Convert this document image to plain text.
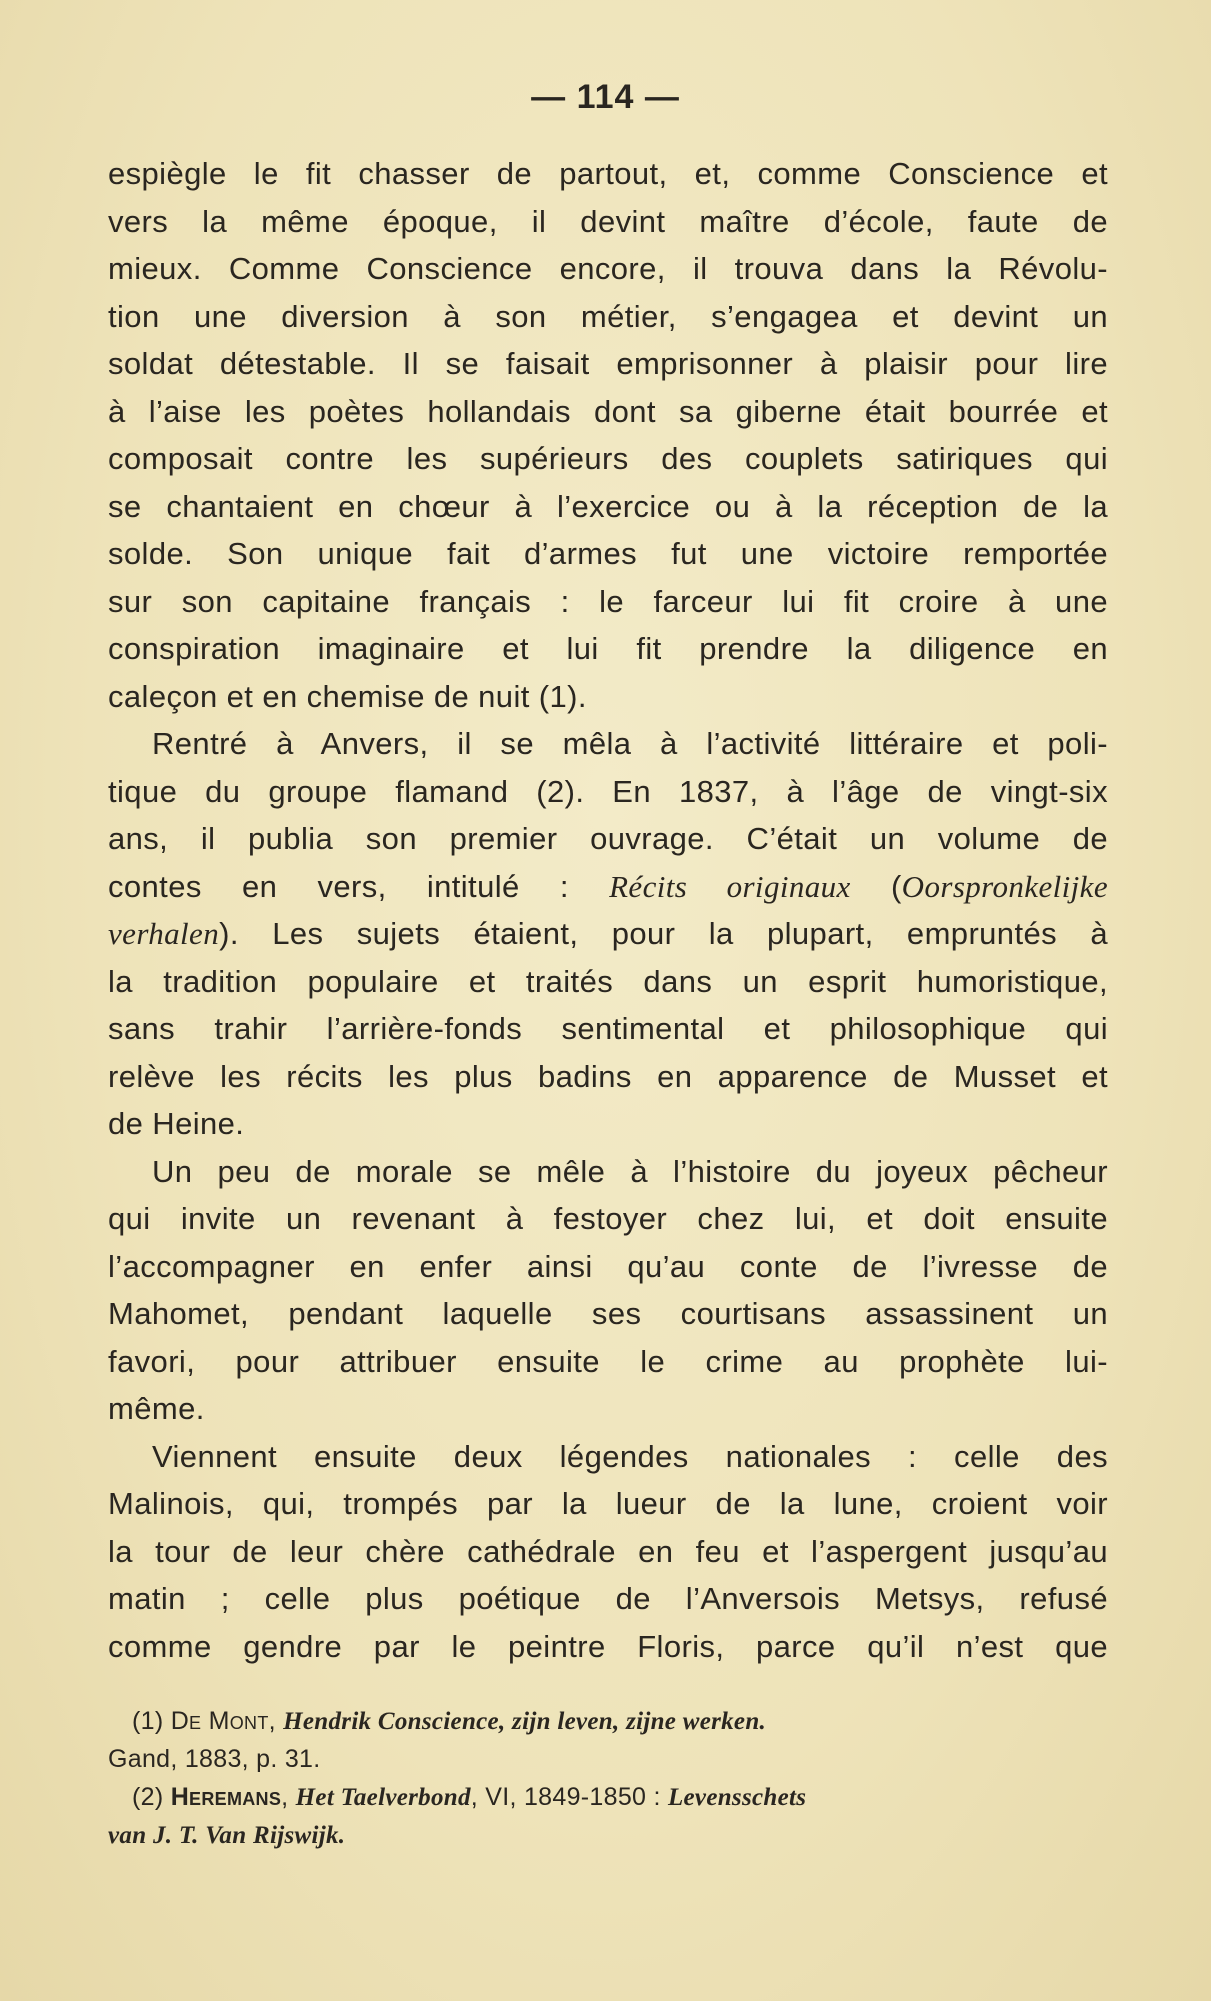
— 114 —
espiègle le fit chasser de partout, et, comme Conscience et
vers la même époque, il devint maître d’école, faute de
mieux. Comme Conscience encore, il trouva dans la Révolu-
tion une diversion à son métier, s’engagea et devint un
soldat détestable. Il se faisait emprisonner à plaisir pour lire
à l’aise les poètes hollandais dont sa giberne était bourrée et
composait contre les supérieurs des couplets satiriques qui
se chantaient en chœur à l’exercice ou à la réception de la
solde. Son unique fait d’armes fut une victoire remportée
sur son capitaine français : le farceur lui fit croire à une
conspiration imaginaire et lui fit prendre la diligence en
caleçon et en chemise de nuit (1).
Rentré à Anvers, il se mêla à l’activité littéraire et poli-
tique du groupe flamand (2). En 1837, à l’âge de vingt-six
ans, il publia son premier ouvrage. C’était un volume de
contes en vers, intitulé : Récits originaux (Oorspronkelijke
verhalen). Les sujets étaient, pour la plupart, empruntés à
la tradition populaire et traités dans un esprit humoristique,
sans trahir l’arrière-fonds sentimental et philosophique qui
relève les récits les plus badins en apparence de Musset et
de Heine.
Un peu de morale se mêle à l’histoire du joyeux pêcheur
qui invite un revenant à festoyer chez lui, et doit ensuite
l’accompagner en enfer ainsi qu’au conte de l’ivresse de
Mahomet, pendant laquelle ses courtisans assassinent un
favori, pour attribuer ensuite le crime au prophète lui-
même.
Viennent ensuite deux légendes nationales : celle des
Malinois, qui, trompés par la lueur de la lune, croient voir
la tour de leur chère cathédrale en feu et l’aspergent jusqu’au
matin ; celle plus poétique de l’Anversois Metsys, refusé
comme gendre par le peintre Floris, parce qu’il n’est que
(1) De Mont, Hendrik Conscience, zijn leven, zijne werken.
Gand, 1883, p. 31.
(2) Heremans, Het Taelverbond, VI, 1849-1850 : Levensschets
van J. T. Van Rijswijk.
